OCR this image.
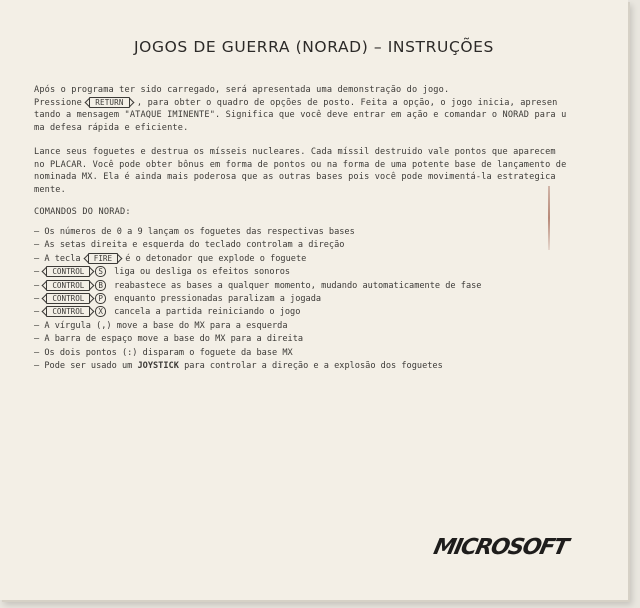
JOGOS DE GUERRA (NORAD) – INSTRUÇÕES
Após o programa ter sido carregado, será apresentada uma demonstração do jogo.
Pressione RETURN , para obter o quadro de opções de posto. Feita a opção, o jogo inicia, apresen
tando a mensagem "ATAQUE IMINENTE". Significa que você deve entrar em ação e comandar o NORAD para u
ma defesa rápida e eficiente.
Lance seus foguetes e destrua os mísseis nucleares. Cada míssil destruido vale pontos que aparecem
no PLACAR. Você pode obter bônus em forma de pontos ou na forma de uma potente base de lançamento de
nominada MX. Ela é ainda mais poderosa que as outras bases pois você pode movimentá-la estrategica
mente.
COMANDOS DO NORAD:
– Os números de 0 a 9 lançam os foguetes das respectivas bases
– As setas direita e esquerda do teclado controlam a direção
– A tecla FIRE é o detonador que explode o foguete
– CONTROL S liga ou desliga os efeitos sonoros
– CONTROL B reabastece as bases a qualquer momento, mudando automaticamente de fase
– CONTROL P enquanto pressionadas paralizam a jogada
– CONTROL X cancela a partida reiniciando o jogo
– A vírgula (,) move a base do MX para a esquerda
– A barra de espaço move a base do MX para a direita
– Os dois pontos (:) disparam o foguete da base MX
– Pode ser usado um JOYSTICK para controlar a direção e a explosão dos foguetes
MICROSOFT
